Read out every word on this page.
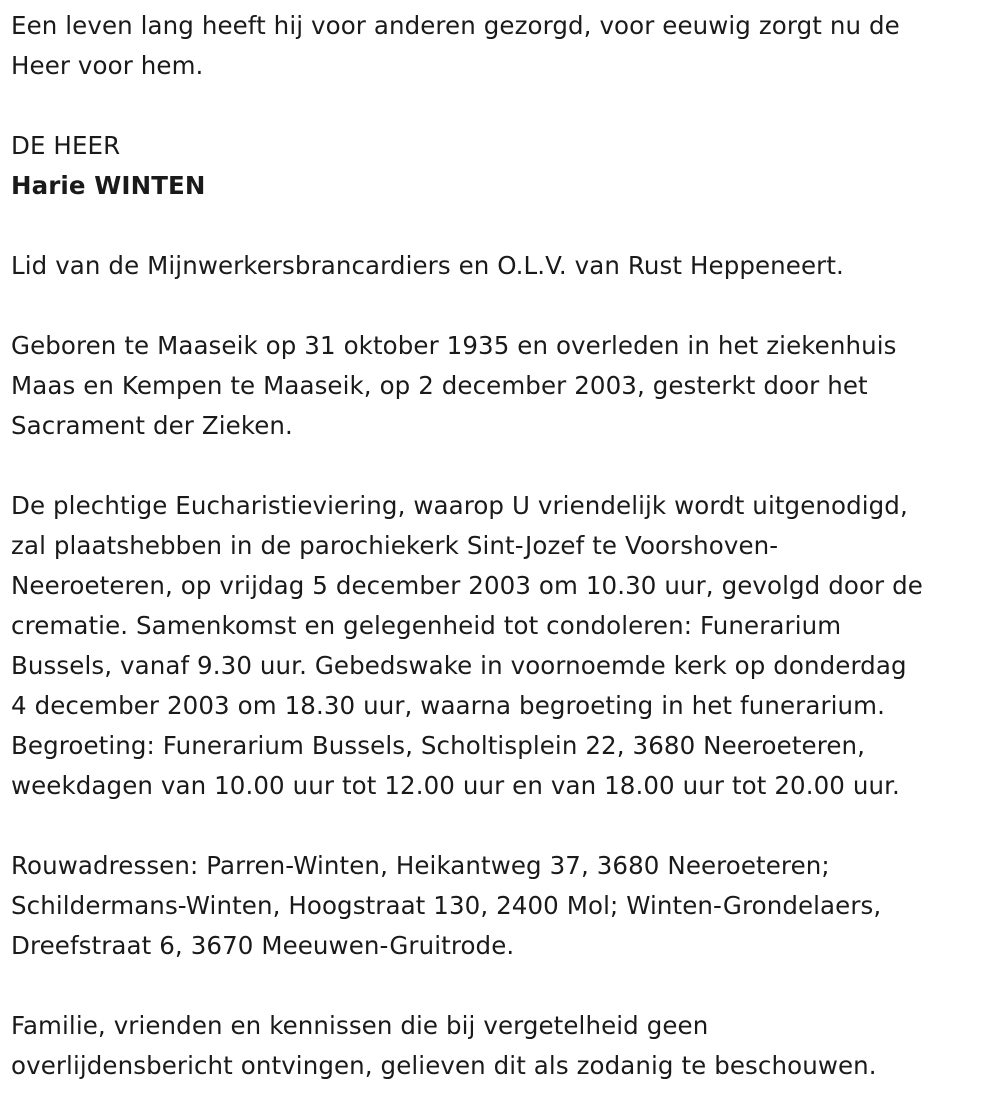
Een leven lang heeft hij voor anderen gezorgd, voor eeuwig zorgt nu de
Heer voor hem.

DE HEER

Harie WINTEN

Lid van de Mijnwerkersbrancardiers en O.L.V. van Rust Heppeneert.

Geboren te Maaseik op 31 oktober 1935 en overleden in het ziekenhuis
Maas en Kempen te Maaseik, op 2 december 2003, gesterkt door het
Sacrament der Zieken.

De plechtige Eucharistieviering, waarop U vriendelijk wordt uitgenodigd,
zal plaatshebben in de parochiekerk Sint-Jozef te Voorshoven-
Neeroeteren, op vrijdag 5 december 2003 om 10.30 uur, gevolgd door de
crematie. Samenkomst en gelegenheid tot condoleren: Funerarium
Bussels, vanaf 9.30 uur. Gebedswake in voornoemde kerk op donderdag
4 december 2003 om 18.30 uur, waarna begroeting in het funerarium.
Begroeting: Funerarium Bussels, Scholtisplein 22, 3680 Neeroeteren,
weekdagen van 10.00 uur tot 12.00 uur en van 18.00 uur tot 20.00 uur.

Rouwadressen: Parren-Winten, Heikantweg 37, 3680 Neeroeteren;
Schildermans-Winten, Hoogstraat 130, 2400 Mol; Winten-Grondelaers,
Dreefstraat 6, 3670 Meeuwen-Gruitrode.

Familie, vrienden en kennissen die bij vergetelheid geen
overlijdensbericht ontvingen, gelieven dit als zodanig te beschouwen.
